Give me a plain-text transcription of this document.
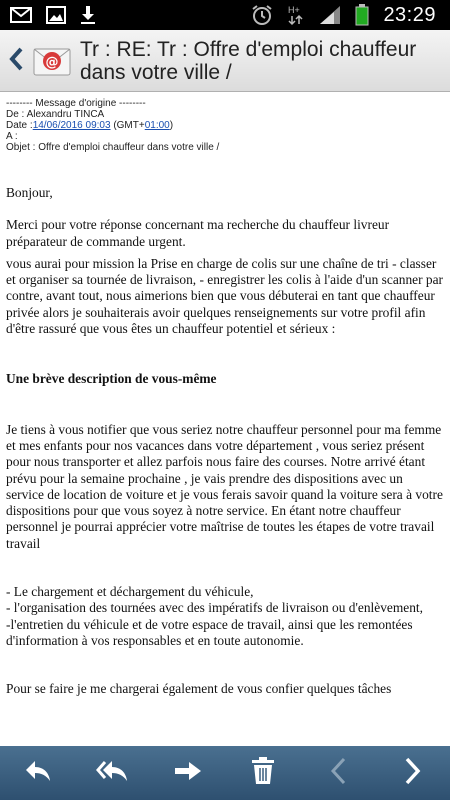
H+	23:29
@
Tr : RE: Tr : Offre d'emploi chauffeur dans votre ville /
-------- Message d'origine --------
De : Alexandru TINCA
Date :14/06/2016 09:03 (GMT+01:00)
A :
Objet : Offre d'emploi chauffeur dans votre ville /

Bonjour,

Merci pour votre réponse concernant ma recherche du chauffeur livreur préparateur de commande urgent.

vous aurai pour mission la Prise en charge de colis sur une chaîne de tri - classer et organiser sa tournée de livraison, - enregistrer les colis à l'aide d'un scanner par contre, avant tout, nous aimerions bien que vous débuterai en tant que chauffeur privée alors je souhaiterais avoir quelques renseignements sur votre profil afin d'être rassuré que vous êtes un chauffeur potentiel et sérieux :

Une brève description de vous-même

Je tiens à vous notifier que vous seriez notre chauffeur personnel pour ma femme et mes enfants pour nos vacances dans votre département , vous seriez présent pour nous transporter et allez parfois nous faire des courses. Notre arrivé étant prévu pour la semaine prochaine , je vais prendre des dispositions avec un service de location de voiture et je vous ferais savoir quand la voiture sera à votre dispositions pour que vous soyez à notre service. En étant notre chauffeur personnel je pourrai apprécier votre maîtrise de toutes les étapes de votre travail travail

- Le chargement et déchargement du véhicule,

- l'organisation des tournées avec des impératifs de livraison ou d'enlèvement,

-l'entretien du véhicule et de votre espace de travail, ainsi que les remontées d'information à vos responsables et en toute autonomie.

Pour se faire je me chargerai également de vous confier quelques tâches
